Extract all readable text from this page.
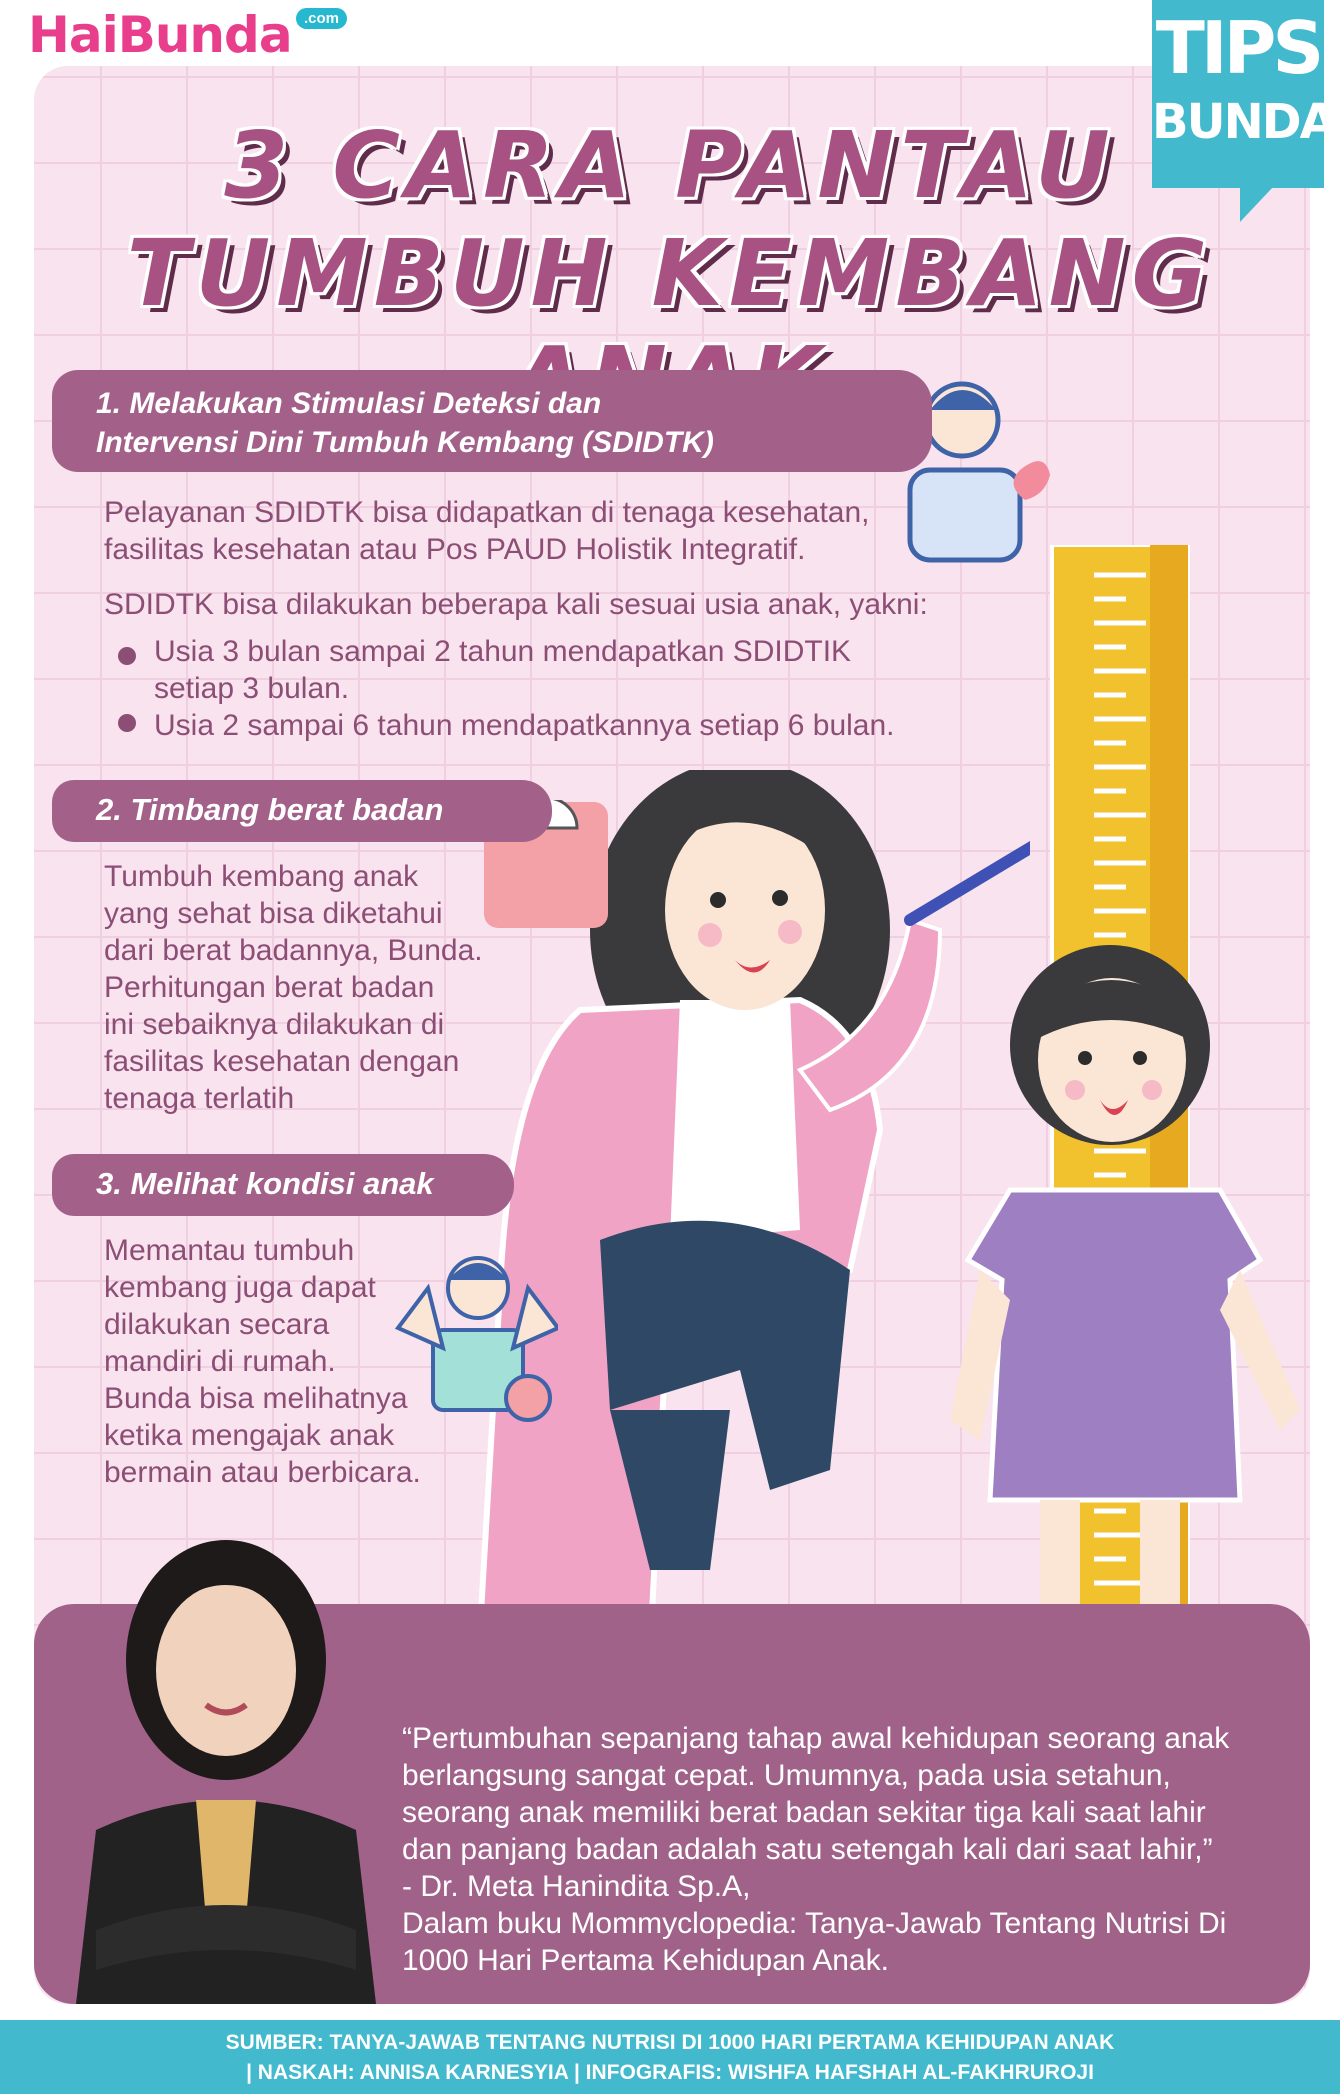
HaiBunda .com	TIPS
BUNDA
3 CARA PANTAU
TUMBUH KEMBANG
1. Melakukan Stimulasi Deteksi dan
Intervensi Dini Tumbuh Kembang (SDIDTK)
Pelayanan SDIDTK bisa didapatkan di tenaga kesehatan,
fasilitas kesehatan atau Pos PAUD Holistik Integratif.
SDIDTK bisa dilakukan beberapa kali sesuai usia anak, yakni:
Usia 3 bulan sampai 2 tahun mendapatkan SDIDTIK
setiap 3 bulan.
Usia 2 sampai 6 tahun mendapatkannya setiap 6 bulan.
2. Timbang berat badan
Tumbuh kembang anak
yang sehat bisa diketahui
dari berat badannya, Bunda.
Perhitungan berat badan
ini sebaiknya dilakukan di
fasilitas kesehatan dengan
tenaga terlatih
3. Melihat kondisi anak
Memantau tumbuh
kembang juga dapat
dilakukan secara
mandiri di rumah.
Bunda bisa melihatnya
ketika mengajak anak
bermain atau berbicara.
“Pertumbuhan sepanjang tahap awal kehidupan seorang anak
berlangsung sangat cepat. Umumnya, pada usia setahun,
seorang anak memiliki berat badan sekitar tiga kali saat lahir
dan panjang badan adalah satu setengah kali dari saat lahir,”
- Dr. Meta Hanindita Sp.A,
Dalam buku Mommyclopedia: Tanya-Jawab Tentang Nutrisi Di
1000 Hari Pertama Kehidupan Anak.
SUMBER: TANYA-JAWAB TENTANG NUTRISI DI 1000 HARI PERTAMA KEHIDUPAN ANAK
| NASKAH: ANNISA KARNESYIA | INFOGRAFIS: WISHFA HAFSHAH AL-FAKHRUROJI
